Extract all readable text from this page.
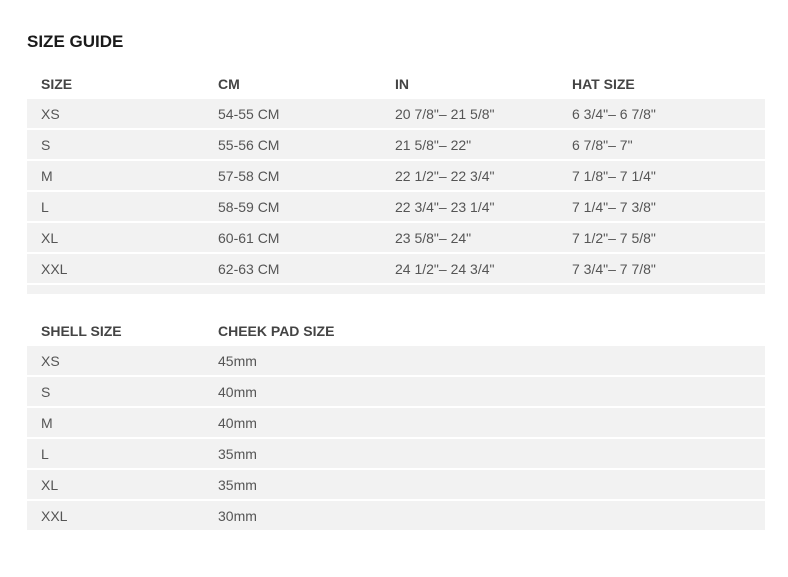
SIZE GUIDE
SIZE	CM	IN	HAT SIZE
XS	54-55 CM	20 7/8"– 21 5/8"	6 3/4"– 6 7/8"
S	55-56 CM	21 5/8"– 22"	6 7/8"– 7"
M	57-58 CM	22 1/2"– 22 3/4"	7 1/8"– 7 1/4"
L	58-59 CM	22 3/4"– 23 1/4"	7 1/4"– 7 3/8"
XL	60-61 CM	23 5/8"– 24"	7 1/2"– 7 5/8"
XXL	62-63 CM	24 1/2"– 24 3/4"	7 3/4"– 7 7/8"
SHELL SIZE	CHEEK PAD SIZE
XS	45mm
S	40mm
M	40mm
L	35mm
XL	35mm
XXL	30mm
